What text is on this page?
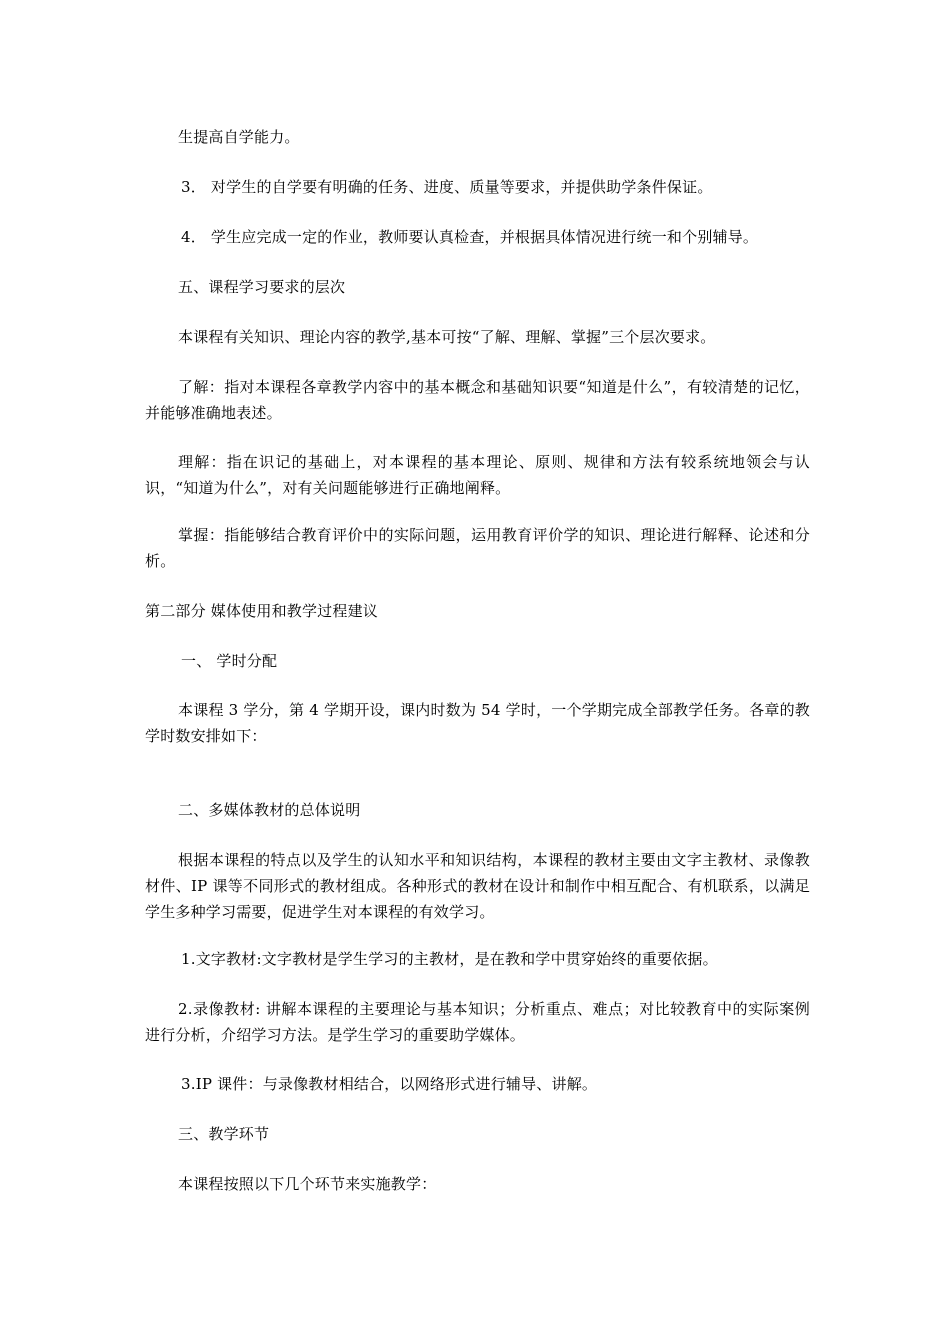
生提高自学能力。
3． 对学生的自学要有明确的任务、进度、质量等要求，并提供助学条件保证。
4． 学生应完成一定的作业，教师要认真检查，并根据具体情况进行统一和个别辅导。
五、课程学习要求的层次
本课程有关知识、理论内容的教学,基本可按“了解、理解、掌握”三个层次要求。
了解：指对本课程各章教学内容中的基本概念和基础知识要“知道是什么”，有较清楚的记忆，并能够准确地表述。
理解：指在识记的基础上，对本课程的基本理论、原则、规律和方法有较系统地领会与认识，“知道为什么”，对有关问题能够进行正确地阐释。
掌握：指能够结合教育评价中的实际问题，运用教育评价学的知识、理论进行解释、论述和分析。
第二部分 媒体使用和教学过程建议
一、 学时分配
本课程 3 学分，第 4 学期开设，课内时数为 54 学时，一个学期完成全部教学任务。各章的教学时数安排如下：
二、多媒体教材的总体说明
根据本课程的特点以及学生的认知水平和知识结构，本课程的教材主要由文字主教材、录像教材件、IP 课等不同形式的教材组成。各种形式的教材在设计和制作中相互配合、有机联系，以满足学生多种学习需要，促进学生对本课程的有效学习。
1.文字教材:文字教材是学生学习的主教材，是在教和学中贯穿始终的重要依据。
2.录像教材: 讲解本课程的主要理论与基本知识；分析重点、难点；对比较教育中的实际案例进行分析，介绍学习方法。是学生学习的重要助学媒体。
3.IP 课件：与录像教材相结合，以网络形式进行辅导、讲解。
三、教学环节
本课程按照以下几个环节来实施教学：
